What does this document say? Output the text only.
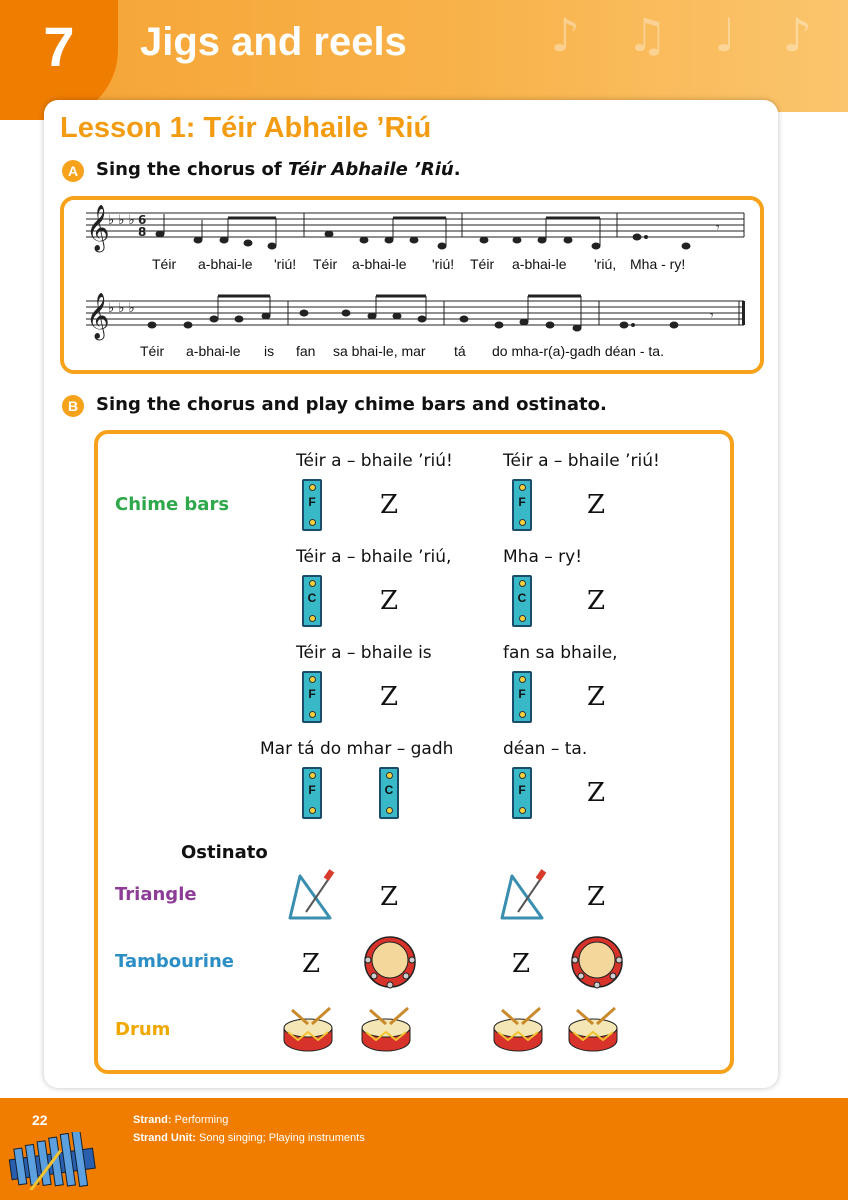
♪ ♫ ♩ ♪
7	Jigs and reels
Lesson 1: Téir Abhaile ’Riú
A Sing the chorus of Téir Abhaile ’Riú.
𝄞
𝄞
♭ ♭ ♭
♭ ♭ ♭
6
8	𝄾
𝄾
Téir a-bhai-le 'riú! Téir a-bhai-le 'riú! Téir a-bhai-le 'riú, Mha - ry!
Téir a-bhai-le is fan sa bhai-le, mar tá do mha-r(a)-gadh déan - ta.
B Sing the chorus and play chime bars and ostinato.
Chime bars
Téir a – bhaile ’riú!	Téir a – bhaile ’riú!
F Z	F Z
Téir a – bhaile ’riú,	Mha – ry!
C Z	C Z
Téir a – bhaile is	fan sa bhaile,
F Z	F Z
Mar tá do mhar – gadh	déan – ta.
F	C	F Z
Ostinato
Triangle	Z	Z
Tambourine	Z	Z
Drum
22	Strand: Performing
Strand Unit: Song singing; Playing instruments
